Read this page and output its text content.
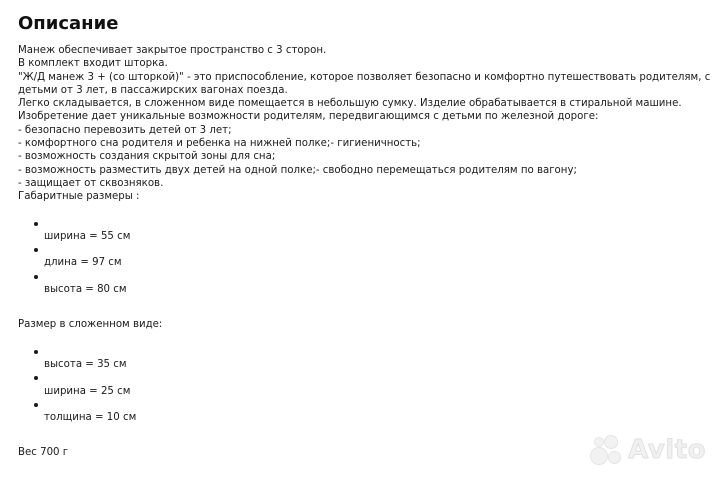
Описание
Манеж обеспечивает закрытое пространство с 3 сторон.
В комплект входит шторка.
"Ж/Д манеж 3 + (со шторкой)" - это приспособление, которое позволяет безопасно и комфортно путешествовать родителям, с детьми от 3 лет, в пассажирских вагонах поезда.
Легко складывается, в сложенном виде помещается в небольшую сумку. Изделие обрабатывается в стиральной машине.
Изобретение дает уникальные возможности родителям, передвигающимся с детьми по железной дороге:
- безопасно перевозить детей от 3 лет;
- комфортного сна родителя и ребенка на нижней полке;- гигиеничность;
- возможность создания скрытой зоны для сна;
- возможность разместить двух детей на одной полке;- свободно перемещаться родителям по вагону;
- защищает от сквозняков.
Габаритные размеры :
ширина = 55 см
длина = 97 см
высота = 80 см
Размер в сложенном виде:
высота = 35 см
ширина = 25 см
толщина = 10 см
Вес 700 г	Avito
